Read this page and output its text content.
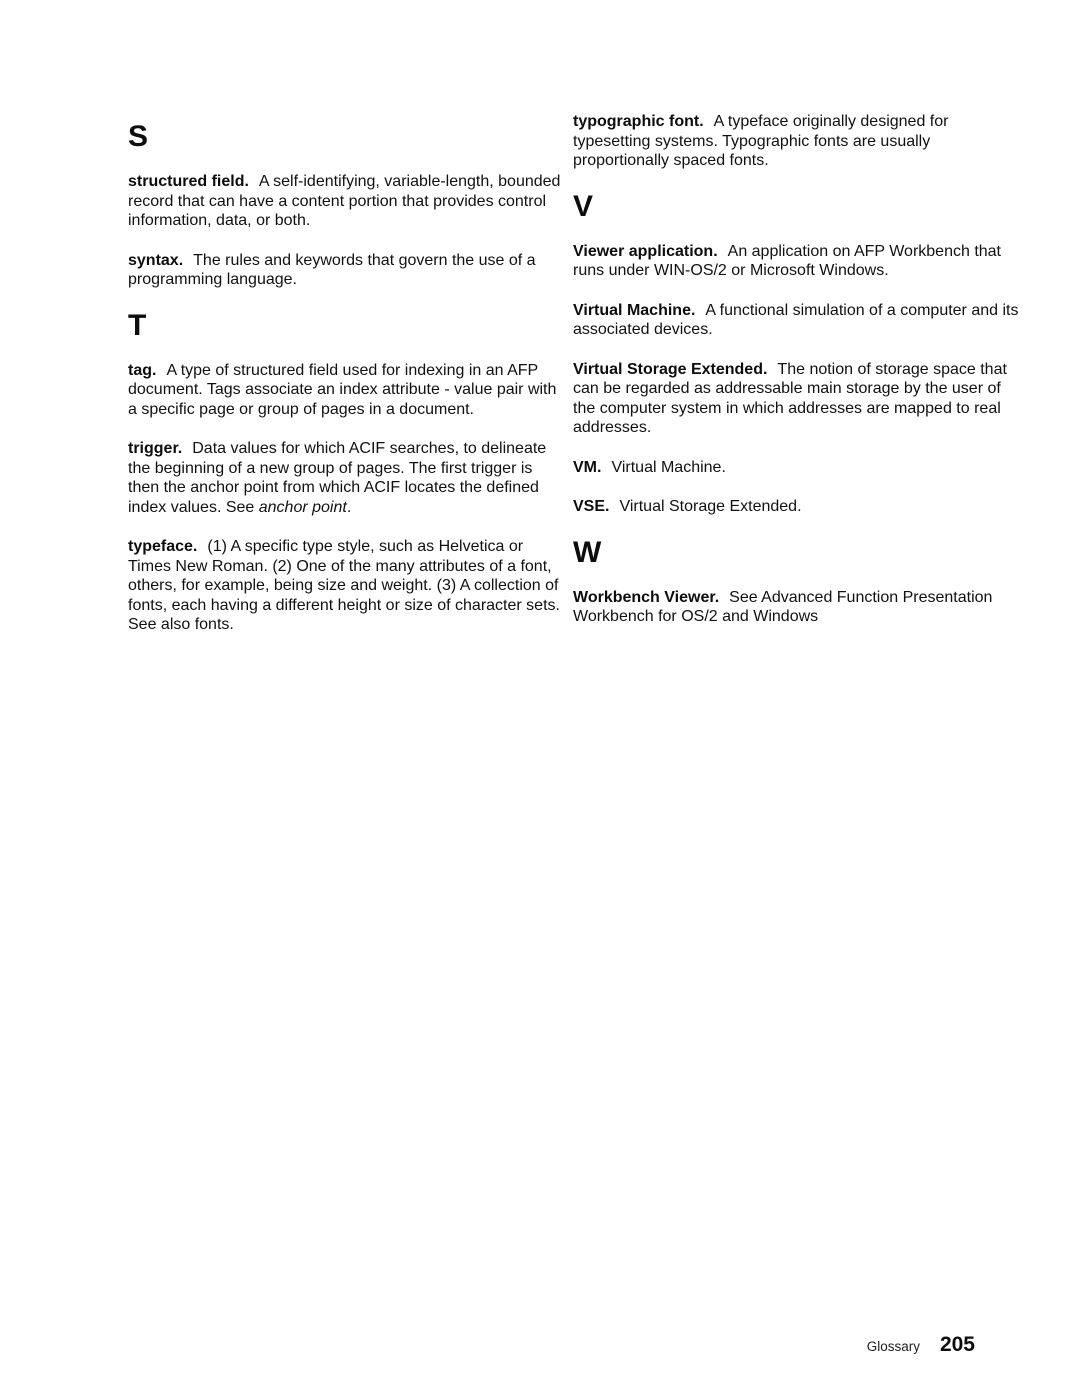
S

structured field. A self-identifying, variable-length, bounded record that can have a content portion that provides control information, data, or both.

syntax. The rules and keywords that govern the use of a programming language.

T

tag. A type of structured field used for indexing in an AFP document. Tags associate an index attribute - value pair with a specific page or group of pages in a document.

trigger. Data values for which ACIF searches, to delineate the beginning of a new group of pages. The first trigger is then the anchor point from which ACIF locates the defined index values. See anchor point.

typeface. (1) A specific type style, such as Helvetica or Times New Roman. (2) One of the many attributes of a font, others, for example, being size and weight. (3) A collection of fonts, each having a different height or size of character sets. See also fonts.

typographic font. A typeface originally designed for typesetting systems. Typographic fonts are usually proportionally spaced fonts.

V

Viewer application. An application on AFP Workbench that runs under WIN-OS/2 or Microsoft Windows.

Virtual Machine. A functional simulation of a computer and its associated devices.

Virtual Storage Extended. The notion of storage space that can be regarded as addressable main storage by the user of the computer system in which addresses are mapped to real addresses.

VM. Virtual Machine.

VSE. Virtual Storage Extended.

W

Workbench Viewer. See Advanced Function Presentation Workbench for OS/2 and Windows

Glossary 205
